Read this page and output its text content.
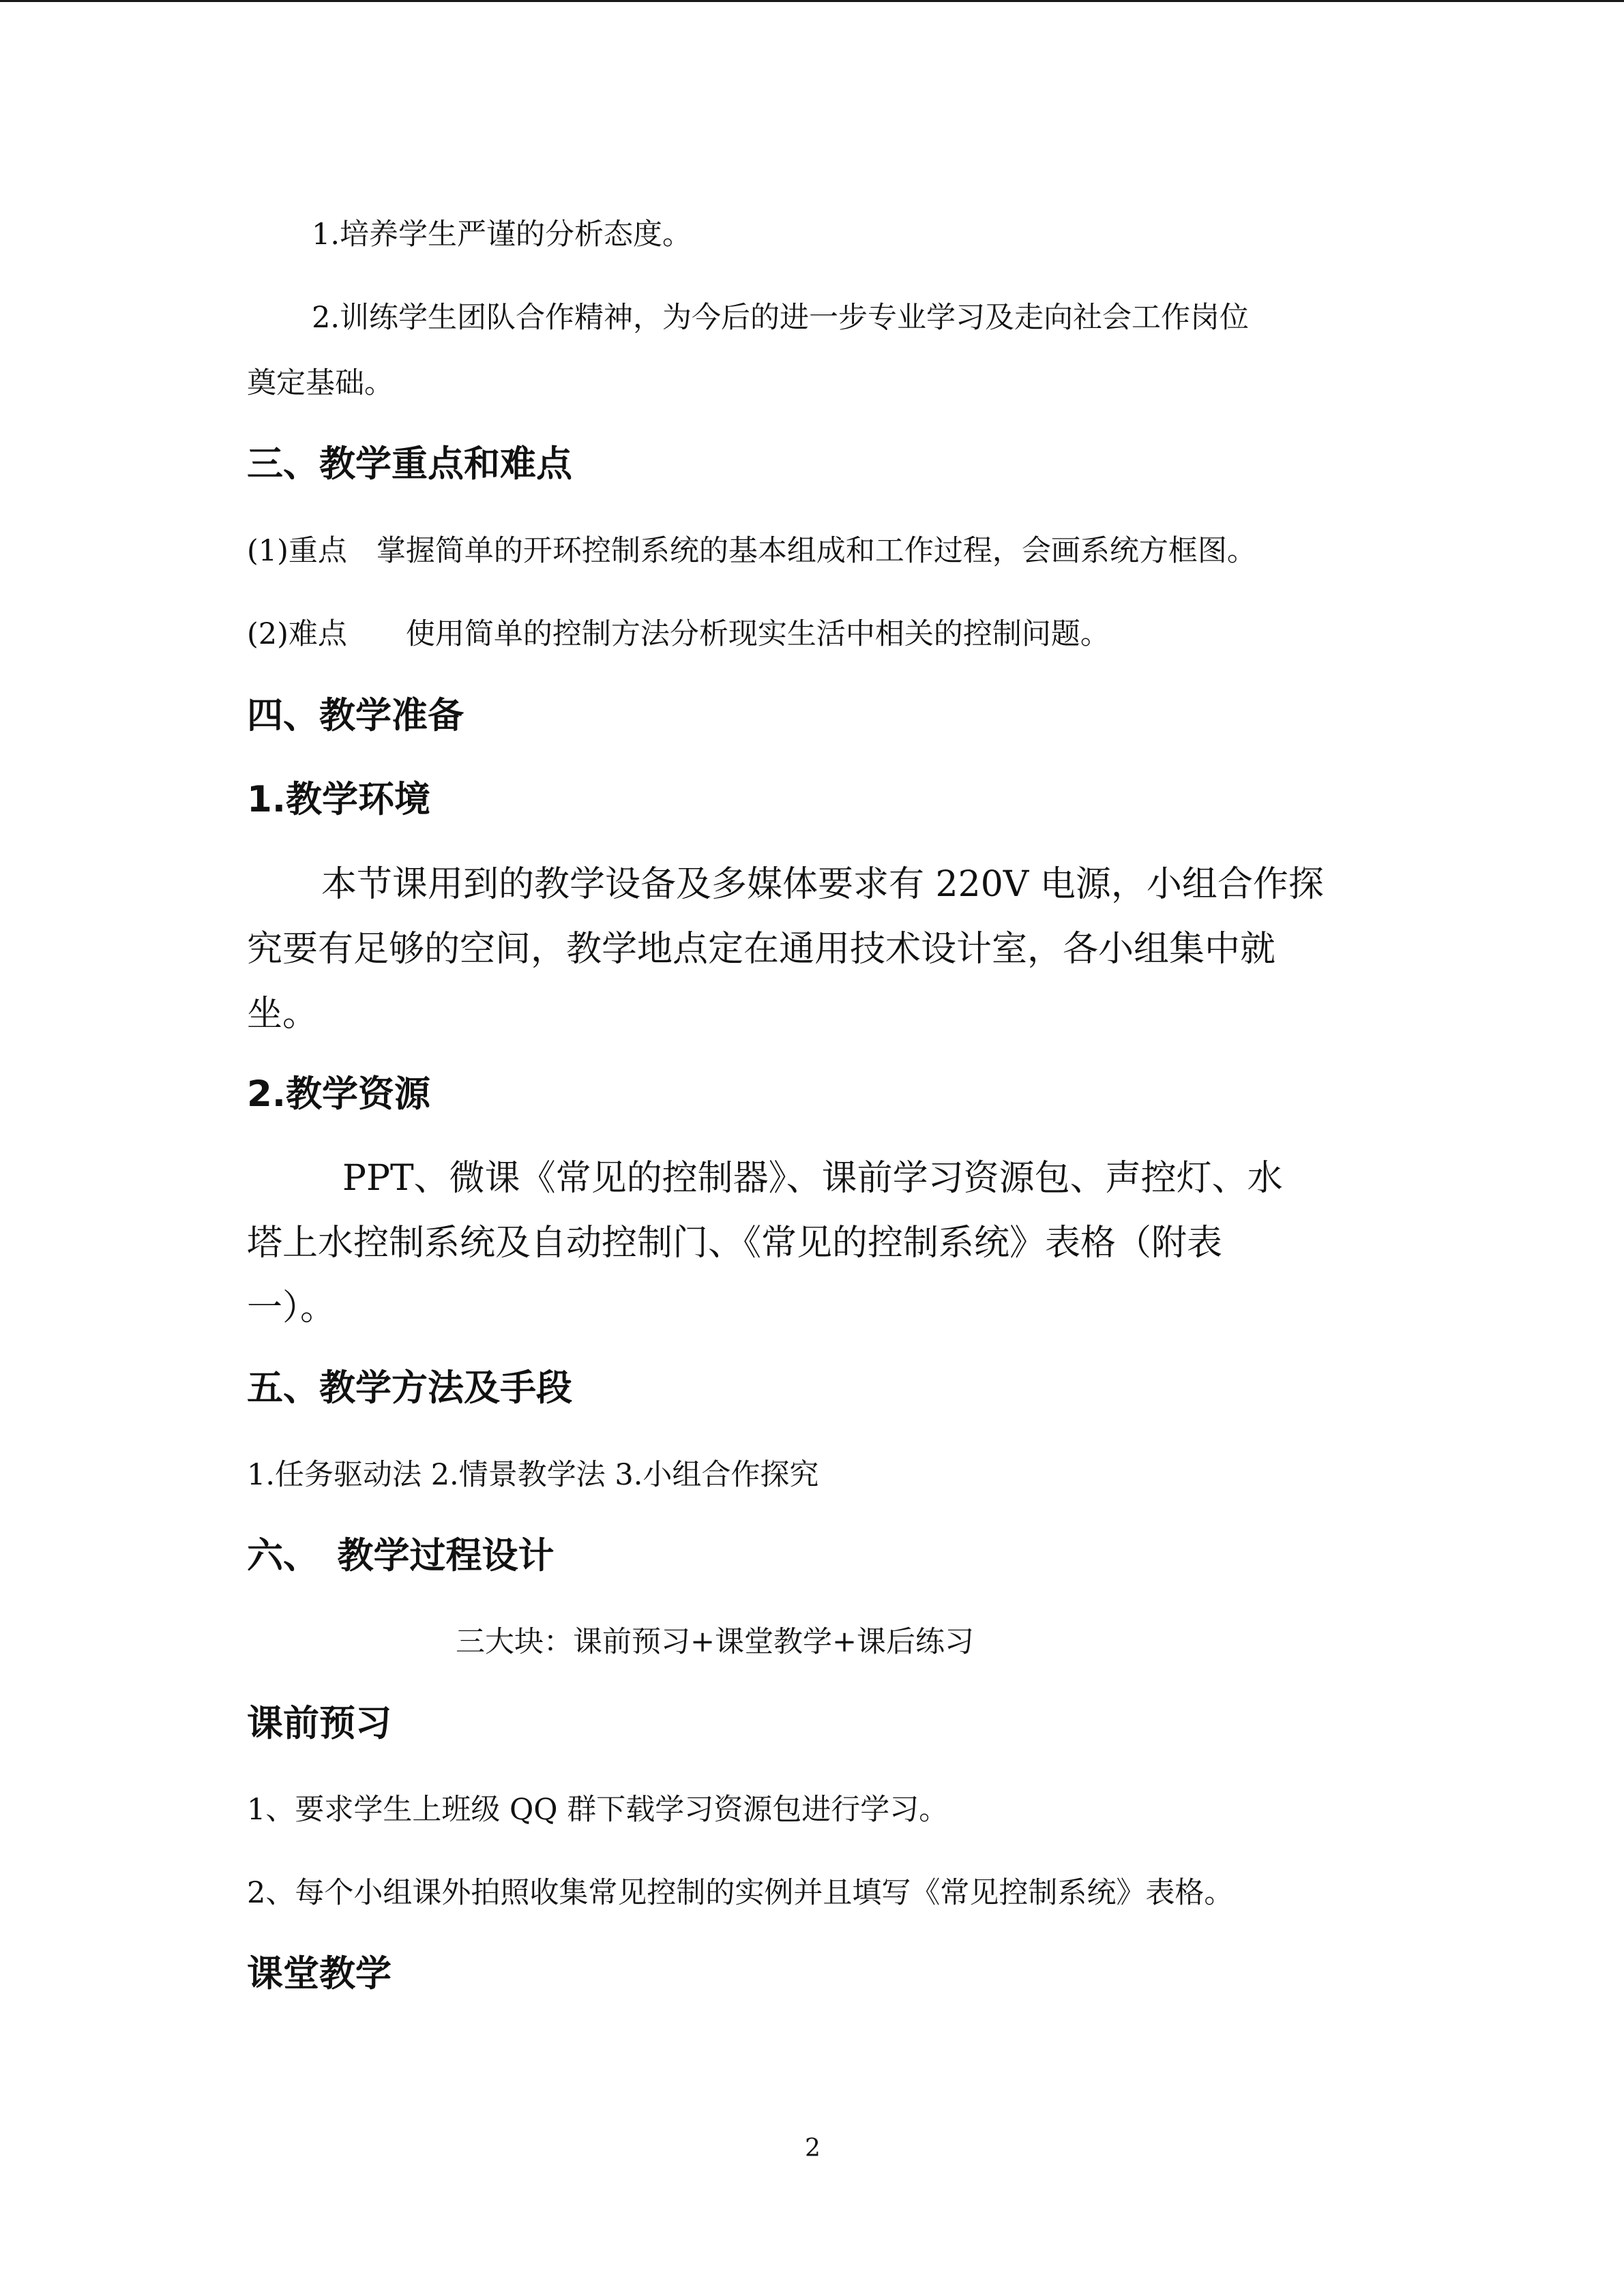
1.培养学生严谨的分析态度。

2.训练学生团队合作精神，为今后的进一步专业学习及走向社会工作岗位

奠定基础。

三、教学重点和难点

(1)重点　掌握简单的开环控制系统的基本组成和工作过程，会画系统方框图。

(2)难点　　使用简单的控制方法分析现实生活中相关的控制问题。

四、教学准备
1.教学环境

本节课用到的教学设备及多媒体要求有 220V 电源，小组合作探

究要有足够的空间，教学地点定在通用技术设计室，各小组集中就

坐。

2.教学资源

PPT、微课《常见的控制器》、课前学习资源包、声控灯、水

塔上水控制系统及自动控制门、《常见的控制系统》表格（附表

一）。

五、教学方法及手段

1.任务驱动法 2.情景教学法 3.小组合作探究

六、　教学过程设计

三大块：课前预习+课堂教学+课后练习

课前预习

1、要求学生上班级 QQ 群下载学习资源包进行学习。

2、每个小组课外拍照收集常见控制的实例并且填写《常见控制系统》表格。

课堂教学

2
